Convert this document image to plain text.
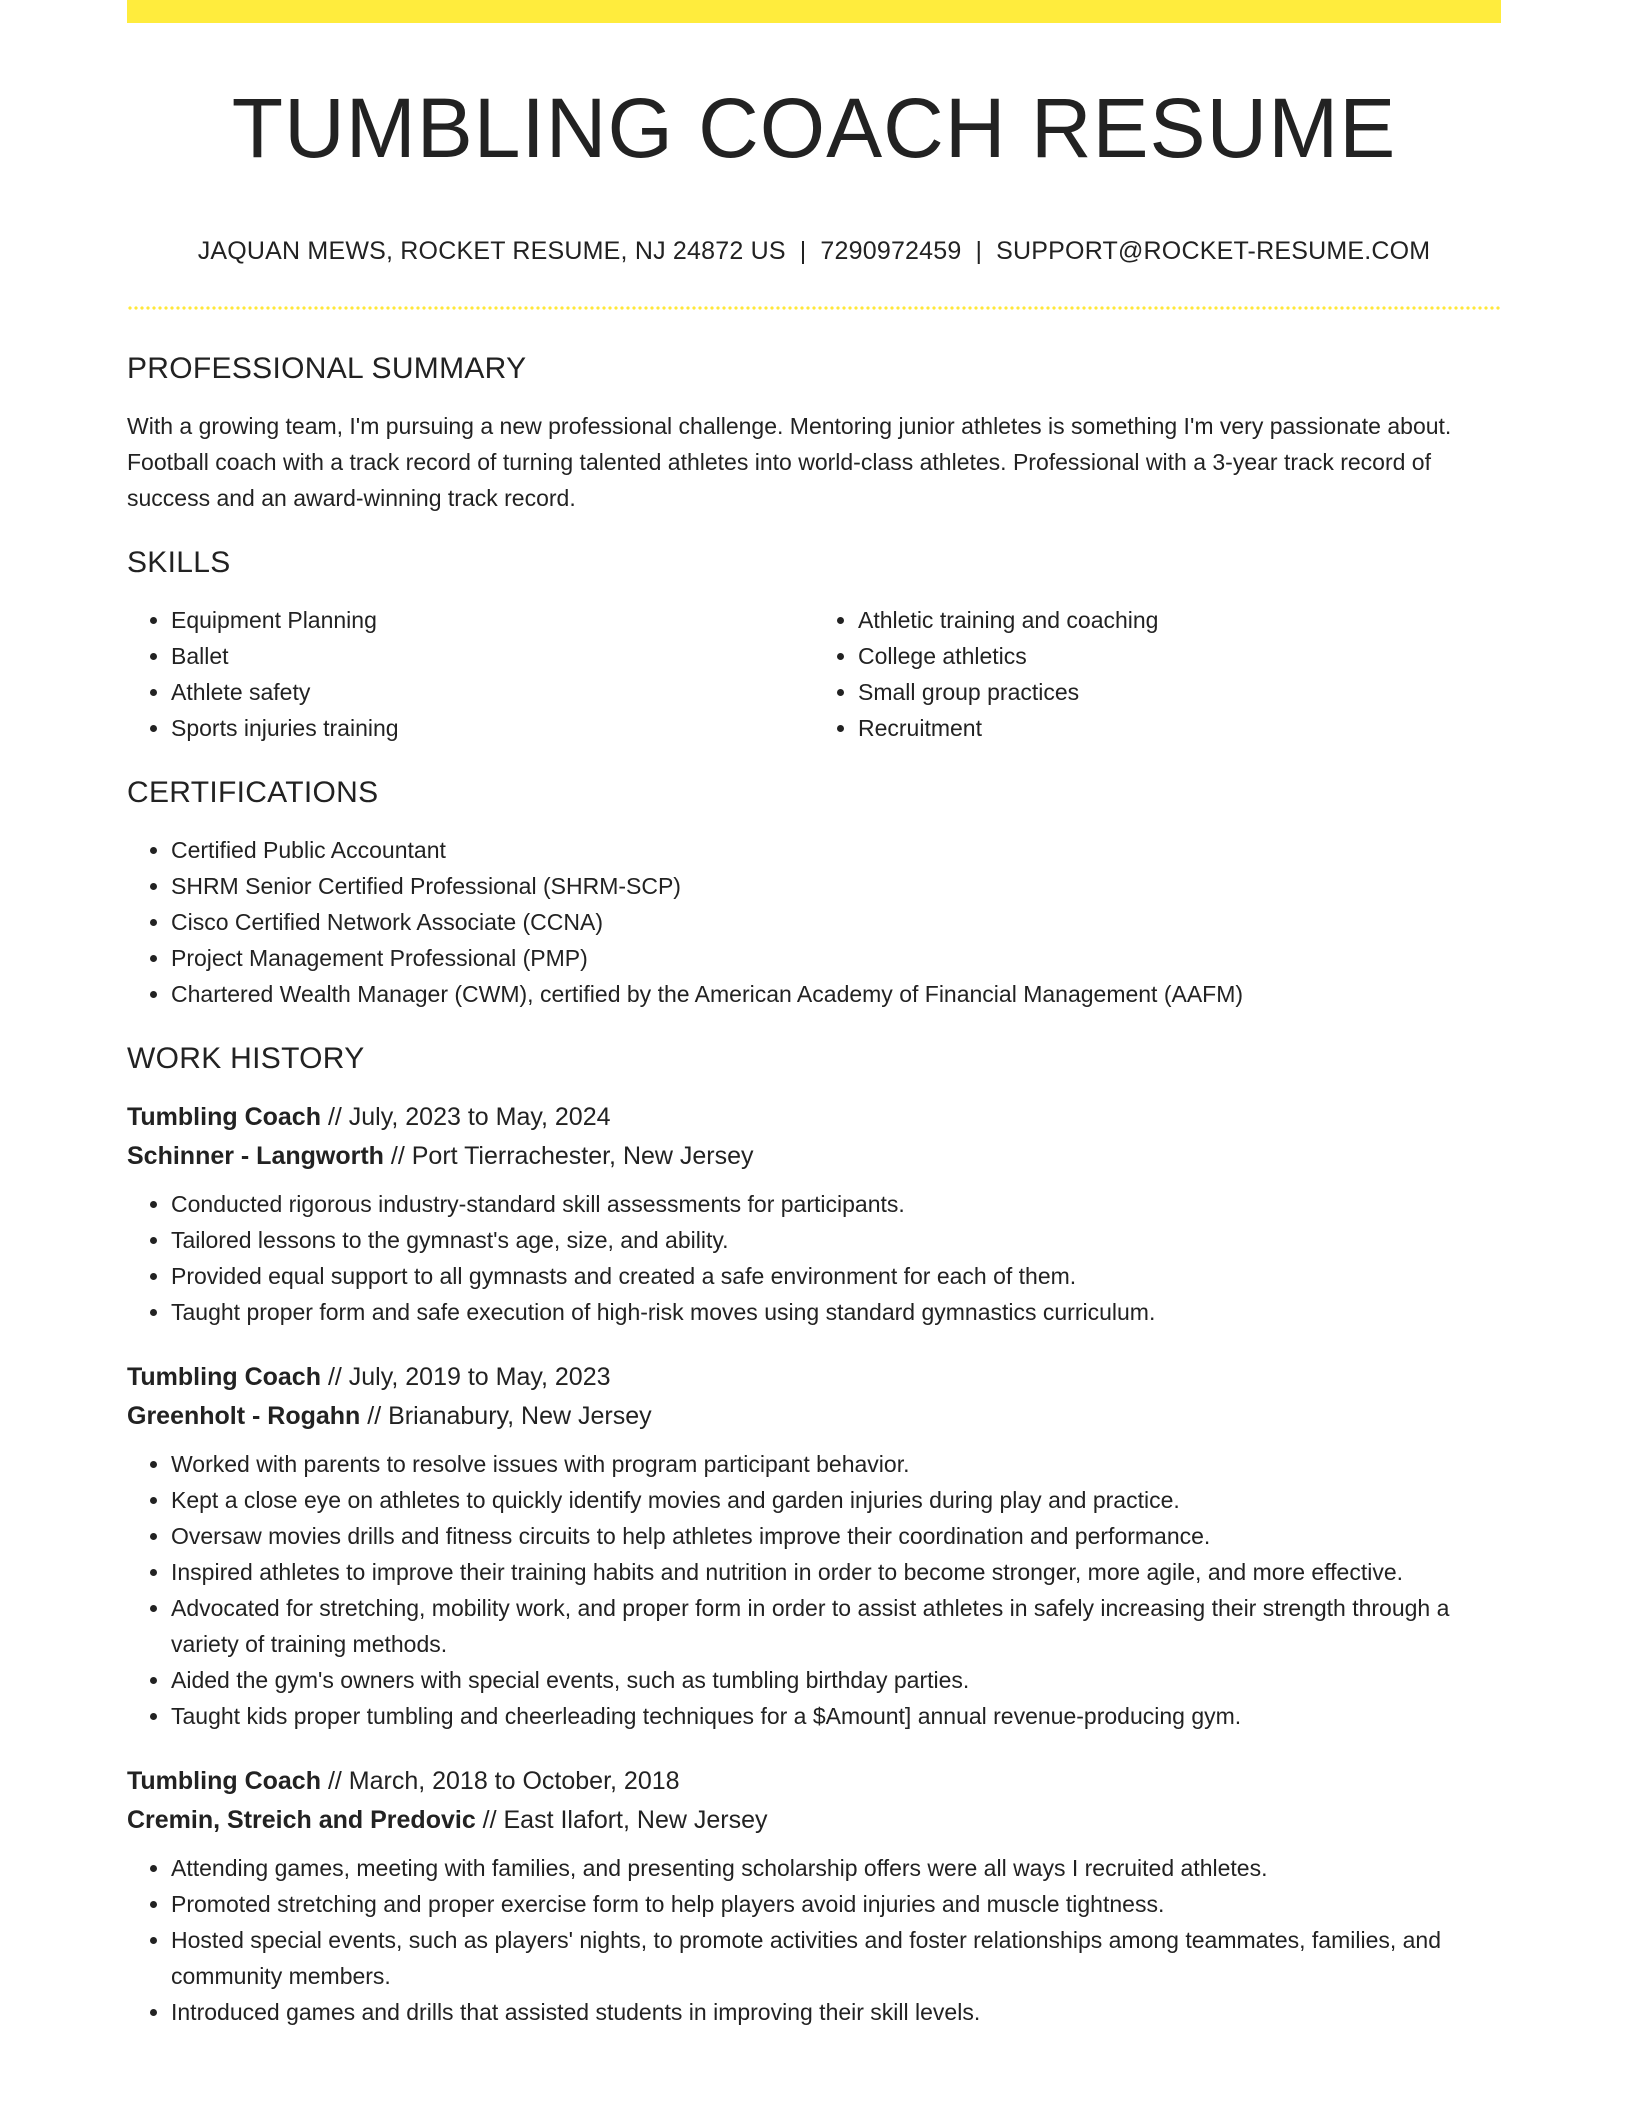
TUMBLING COACH RESUME
JAQUAN MEWS, ROCKET RESUME, NJ 24872 US | 7290972459 | SUPPORT@ROCKET-RESUME.COM
PROFESSIONAL SUMMARY

With a growing team, I'm pursuing a new professional challenge. Mentoring junior athletes is something I'm very passionate about. Football coach with a track record of turning talented athletes into world-class athletes. Professional with a 3-year track record of success and an award-winning track record.

SKILLS
• Equipment Planning
• Ballet
• Athlete safety
• Sports injuries training
• Athletic training and coaching
• College athletics
• Small group practices
• Recruitment
CERTIFICATIONS
• Certified Public Accountant
• SHRM Senior Certified Professional (SHRM-SCP)
• Cisco Certified Network Associate (CCNA)
• Project Management Professional (PMP)
• Chartered Wealth Manager (CWM), certified by the American Academy of Financial Management (AAFM)
WORK HISTORY
Tumbling Coach // July, 2023 to May, 2024
Schinner - Langworth // Port Tierrachester, New Jersey
• Conducted rigorous industry-standard skill assessments for participants.
• Tailored lessons to the gymnast's age, size, and ability.
• Provided equal support to all gymnasts and created a safe environment for each of them.
• Taught proper form and safe execution of high-risk moves using standard gymnastics curriculum.
Tumbling Coach // July, 2019 to May, 2023
Greenholt - Rogahn // Brianabury, New Jersey
• Worked with parents to resolve issues with program participant behavior.
• Kept a close eye on athletes to quickly identify movies and garden injuries during play and practice.
• Oversaw movies drills and fitness circuits to help athletes improve their coordination and performance.
• Inspired athletes to improve their training habits and nutrition in order to become stronger, more agile, and more effective.
• Advocated for stretching, mobility work, and proper form in order to assist athletes in safely increasing their strength through a variety of training methods.
• Aided the gym's owners with special events, such as tumbling birthday parties.
• Taught kids proper tumbling and cheerleading techniques for a $Amount] annual revenue-producing gym.
Tumbling Coach // March, 2018 to October, 2018
Cremin, Streich and Predovic // East Ilafort, New Jersey
• Attending games, meeting with families, and presenting scholarship offers were all ways I recruited athletes.
• Promoted stretching and proper exercise form to help players avoid injuries and muscle tightness.
• Hosted special events, such as players' nights, to promote activities and foster relationships among teammates, families, and community members.
• Introduced games and drills that assisted students in improving their skill levels.
